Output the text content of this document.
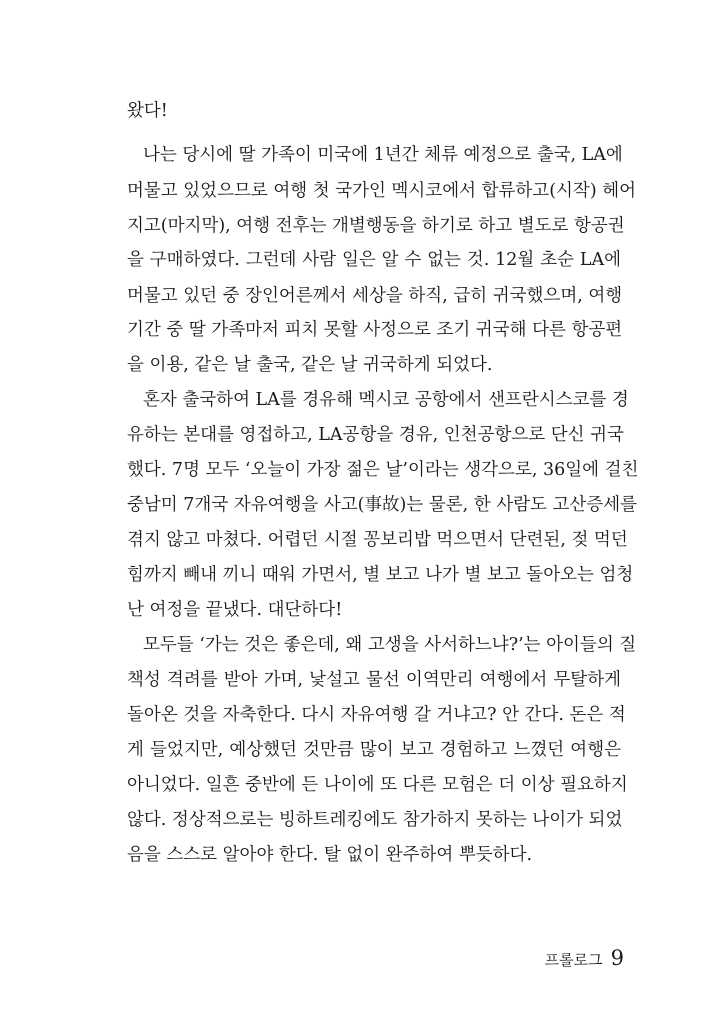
왔다!
나는 당시에 딸 가족이 미국에 1년간 체류 예정으로 출국, LA에
머물고 있었으므로 여행 첫 국가인 멕시코에서 합류하고(시작) 헤어
지고(마지막), 여행 전후는 개별행동을 하기로 하고 별도로 항공권
을 구매하였다. 그런데 사람 일은 알 수 없는 것. 12월 초순 LA에
머물고 있던 중 장인어른께서 세상을 하직, 급히 귀국했으며, 여행
기간 중 딸 가족마저 피치 못할 사정으로 조기 귀국해 다른 항공편
을 이용, 같은 날 출국, 같은 날 귀국하게 되었다.
혼자 출국하여 LA를 경유해 멕시코 공항에서 샌프란시스코를 경
유하는 본대를 영접하고, LA공항을 경유, 인천공항으로 단신 귀국
했다. 7명 모두 ‘오늘이 가장 젊은 날’이라는 생각으로, 36일에 걸친
중남미 7개국 자유여행을 사고(事故)는 물론, 한 사람도 고산증세를
겪지 않고 마쳤다. 어렵던 시절 꽁보리밥 먹으면서 단련된, 젖 먹던
힘까지 빼내 끼니 때워 가면서, 별 보고 나가 별 보고 돌아오는 엄청
난 여정을 끝냈다. 대단하다!
모두들 ‘가는 것은 좋은데, 왜 고생을 사서하느냐?’는 아이들의 질
책성 격려를 받아 가며, 낯설고 물선 이역만리 여행에서 무탈하게
돌아온 것을 자축한다. 다시 자유여행 갈 거냐고? 안 간다. 돈은 적
게 들었지만, 예상했던 것만큼 많이 보고 경험하고 느꼈던 여행은
아니었다. 일흔 중반에 든 나이에 또 다른 모험은 더 이상 필요하지
않다. 정상적으로는 빙하트레킹에도 참가하지 못하는 나이가 되었
음을 스스로 알아야 한다. 탈 없이 완주하여 뿌듯하다.
프롤로그 9
